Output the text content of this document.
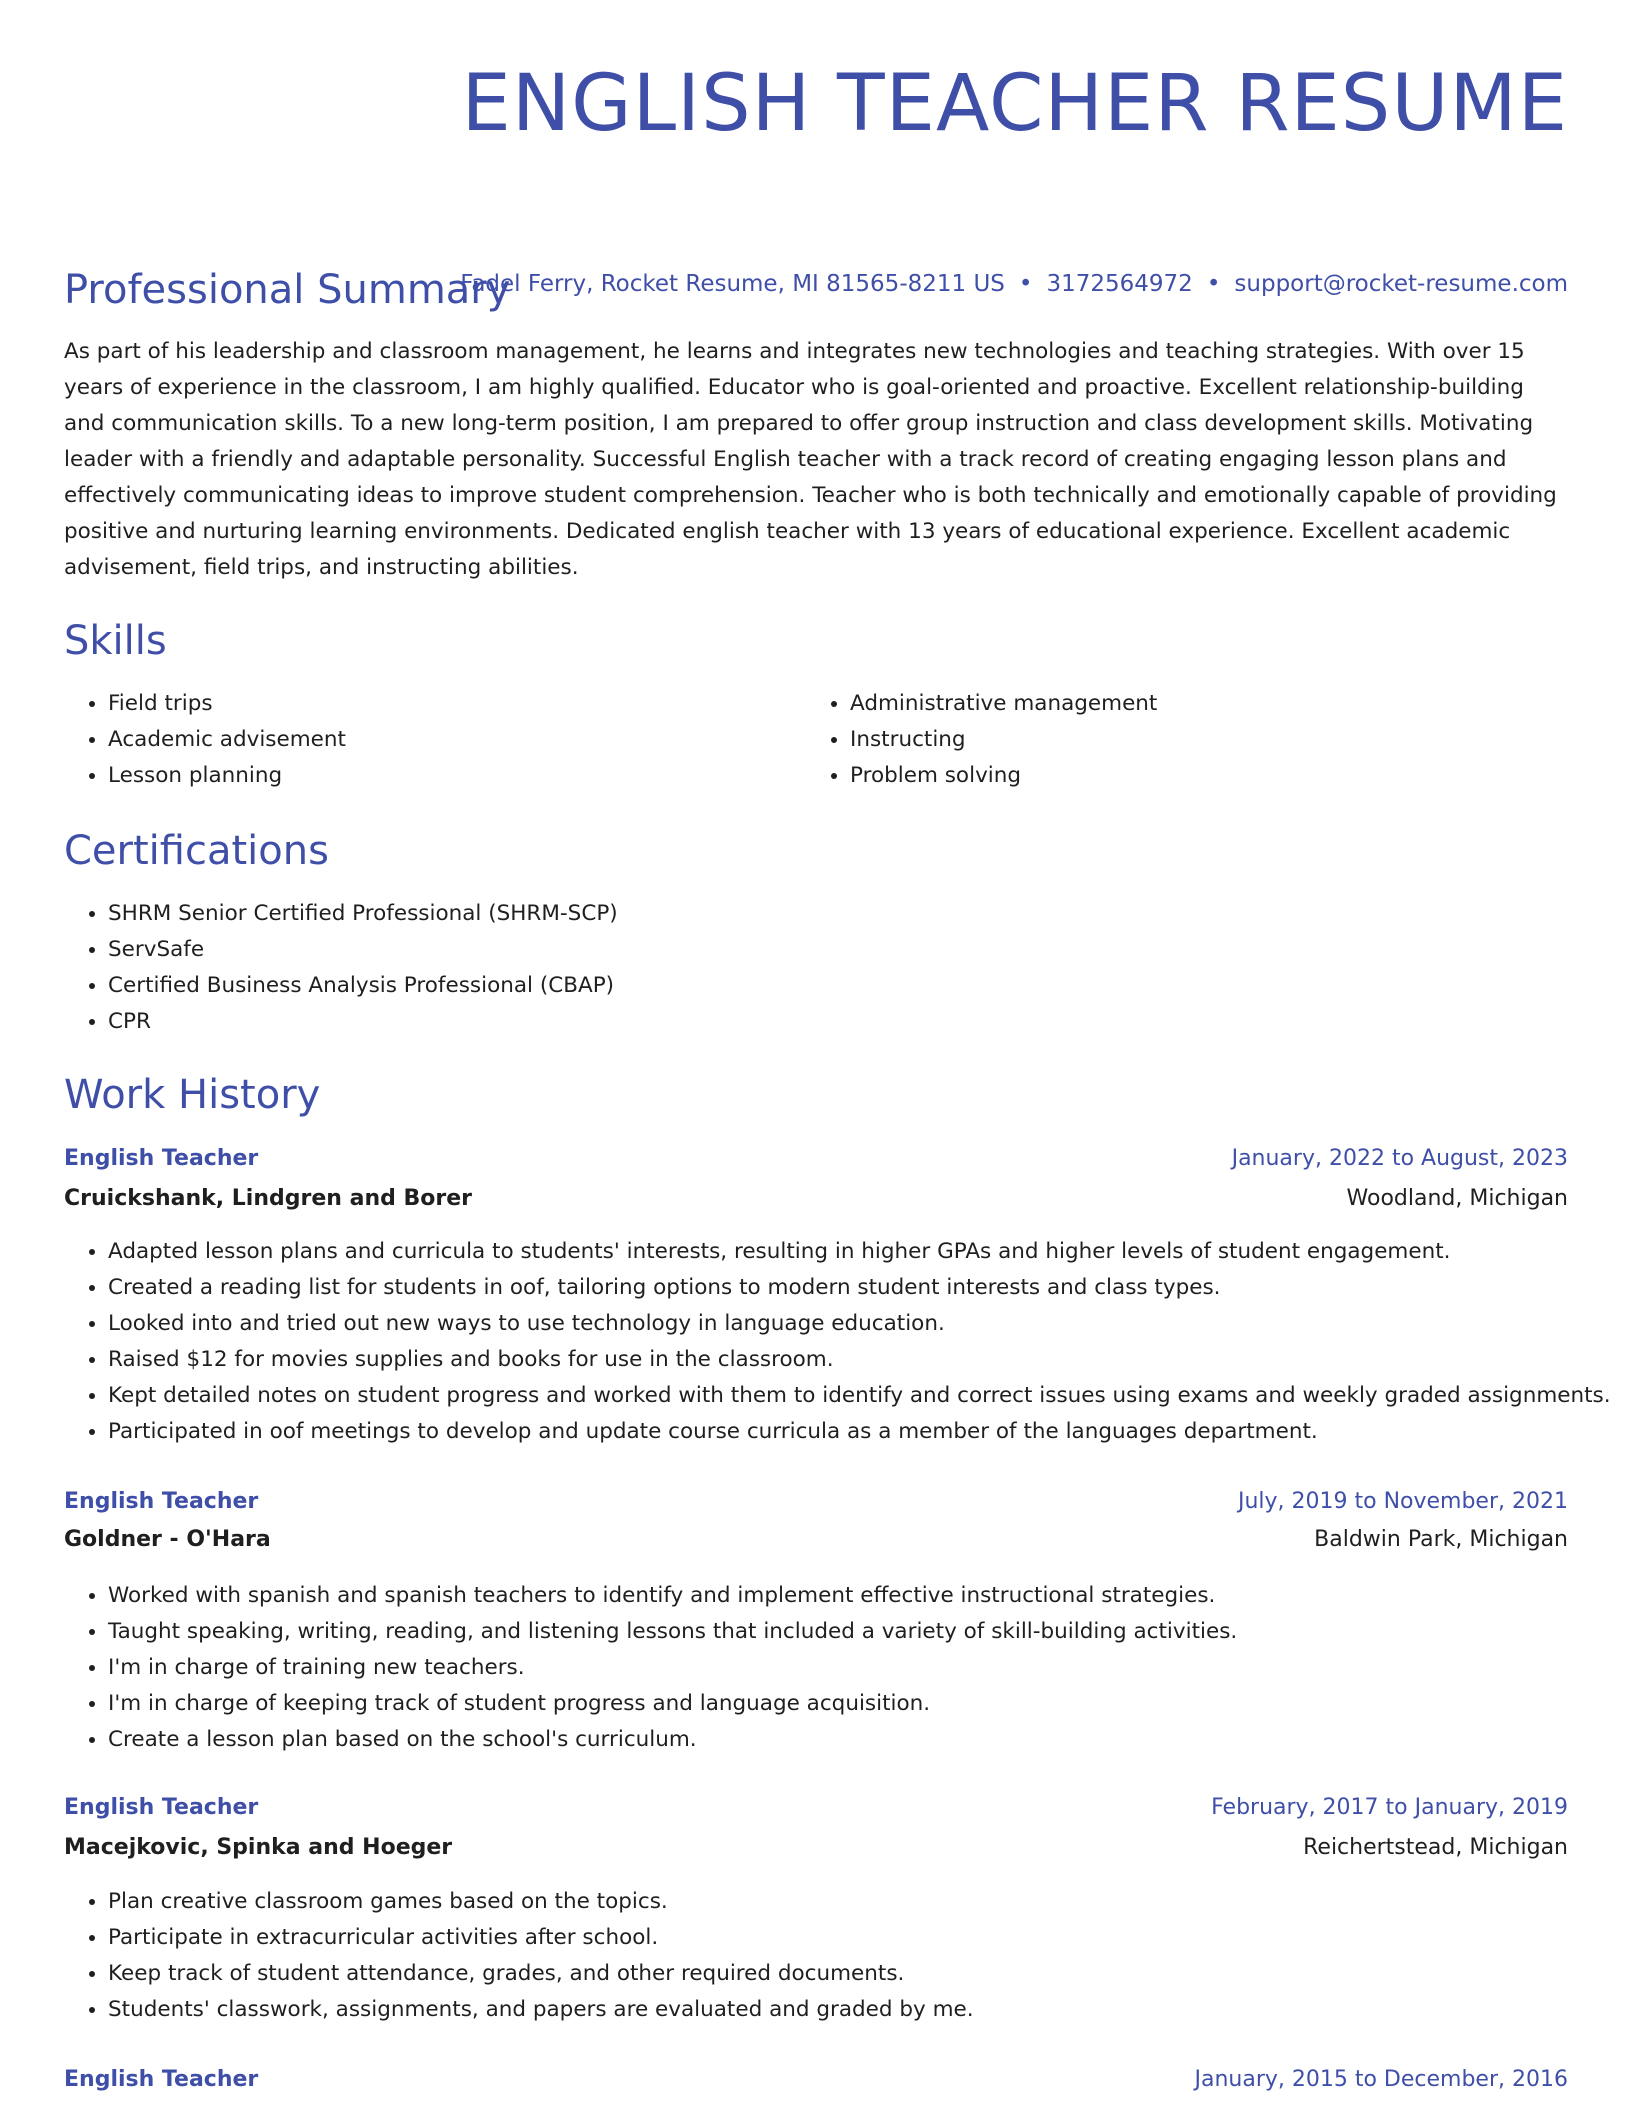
ENGLISH TEACHER RESUME
Fadel Ferry, Rocket Resume, MI 81565-8211 US • 3172564972 • support@rocket-resume.com
Professional Summary

As part of his leadership and classroom management, he learns and integrates new technologies and teaching strategies. With over 15 years of experience in the classroom, I am highly qualified. Educator who is goal-oriented and proactive. Excellent relationship-building and communication skills. To a new long-term position, I am prepared to offer group instruction and class development skills. Motivating leader with a friendly and adaptable personality. Successful English teacher with a track record of creating engaging lesson plans and effectively communicating ideas to improve student comprehension. Teacher who is both technically and emotionally capable of providing positive and nurturing learning environments. Dedicated english teacher with 13 years of educational experience. Excellent academic advisement, field trips, and instructing abilities.

Skills
• Field trips
• Academic advisement
• Lesson planning
• Administrative management
• Instructing
• Problem solving
Certifications
• SHRM Senior Certified Professional (SHRM-SCP)
• ServSafe
• Certified Business Analysis Professional (CBAP)
• CPR
Work History
English Teacher	January, 2022 to August, 2023
Cruickshank, Lindgren and Borer	Woodland, Michigan
• Adapted lesson plans and curricula to students' interests, resulting in higher GPAs and higher levels of student engagement.
• Created a reading list for students in oof, tailoring options to modern student interests and class types.
• Looked into and tried out new ways to use technology in language education.
• Raised $12 for movies supplies and books for use in the classroom.
• Kept detailed notes on student progress and worked with them to identify and correct issues using exams and weekly graded assignments.
• Participated in oof meetings to develop and update course curricula as a member of the languages department.
English Teacher	July, 2019 to November, 2021
Goldner - O'Hara	Baldwin Park, Michigan
• Worked with spanish and spanish teachers to identify and implement effective instructional strategies.
• Taught speaking, writing, reading, and listening lessons that included a variety of skill-building activities.
• I'm in charge of training new teachers.
• I'm in charge of keeping track of student progress and language acquisition.
• Create a lesson plan based on the school's curriculum.
English Teacher	February, 2017 to January, 2019
Macejkovic, Spinka and Hoeger	Reichertstead, Michigan
• Plan creative classroom games based on the topics.
• Participate in extracurricular activities after school.
• Keep track of student attendance, grades, and other required documents.
• Students' classwork, assignments, and papers are evaluated and graded by me.
English Teacher	January, 2015 to December, 2016
